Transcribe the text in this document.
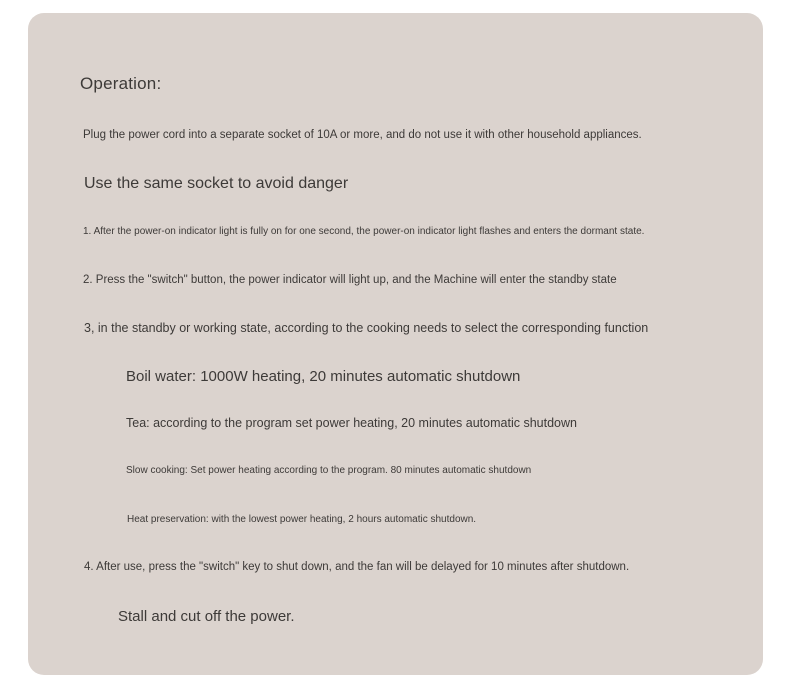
Operation:
Plug the power cord into a separate socket of 10A or more, and do not use it with other household appliances.
Use the same socket to avoid danger
1. After the power-on indicator light is fully on for one second, the power-on indicator light flashes and enters the dormant state.
2. Press the "switch" button, the power indicator will light up, and the Machine will enter the standby state
3, in the standby or working state, according to the cooking needs to select the corresponding function
Boil water: 1000W heating, 20 minutes automatic shutdown
Tea: according to the program set power heating, 20 minutes automatic shutdown
Slow cooking: Set power heating according to the program. 80 minutes automatic shutdown
Heat preservation: with the lowest power heating, 2 hours automatic shutdown.
4. After use, press the "switch" key to shut down, and the fan will be delayed for 10 minutes after shutdown.
Stall and cut off the power.
